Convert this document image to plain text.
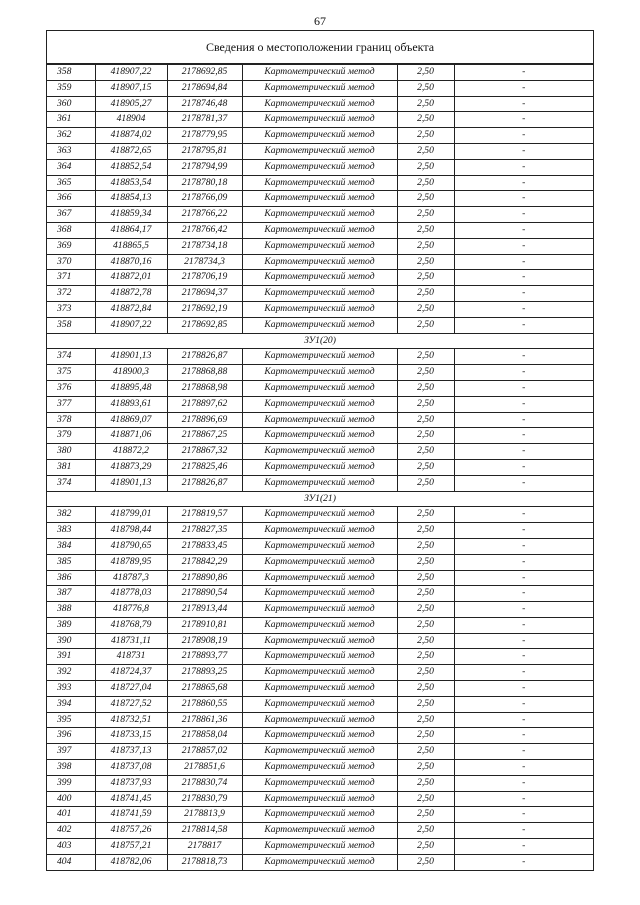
67
Сведения о местоположении границ объекта
358	418907,22	2178692,85	Картометрический метод	2,50	-
359	418907,15	2178694,84	Картометрический метод	2,50	-
360	418905,27	2178746,48	Картометрический метод	2,50	-
361	418904	2178781,37	Картометрический метод	2,50	-
362	418874,02	2178779,95	Картометрический метод	2,50	-
363	418872,65	2178795,81	Картометрический метод	2,50	-
364	418852,54	2178794,99	Картометрический метод	2,50	-
365	418853,54	2178780,18	Картометрический метод	2,50	-
366	418854,13	2178766,09	Картометрический метод	2,50	-
367	418859,34	2178766,22	Картометрический метод	2,50	-
368	418864,17	2178766,42	Картометрический метод	2,50	-
369	418865,5	2178734,18	Картометрический метод	2,50	-
370	418870,16	2178734,3	Картометрический метод	2,50	-
371	418872,01	2178706,19	Картометрический метод	2,50	-
372	418872,78	2178694,37	Картометрический метод	2,50	-
373	418872,84	2178692,19	Картометрический метод	2,50	-
358	418907,22	2178692,85	Картометрический метод	2,50	-
ЗУ1(20)					
374	418901,13	2178826,87	Картометрический метод	2,50	-
375	418900,3	2178868,88	Картометрический метод	2,50	-
376	418895,48	2178868,98	Картометрический метод	2,50	-
377	418893,61	2178897,62	Картометрический метод	2,50	-
378	418869,07	2178896,69	Картометрический метод	2,50	-
379	418871,06	2178867,25	Картометрический метод	2,50	-
380	418872,2	2178867,32	Картометрический метод	2,50	-
381	418873,29	2178825,46	Картометрический метод	2,50	-
374	418901,13	2178826,87	Картометрический метод	2,50	-
ЗУ1(21)					
382	418799,01	2178819,57	Картометрический метод	2,50	-
383	418798,44	2178827,35	Картометрический метод	2,50	-
384	418790,65	2178833,45	Картометрический метод	2,50	-
385	418789,95	2178842,29	Картометрический метод	2,50	-
386	418787,3	2178890,86	Картометрический метод	2,50	-
387	418778,03	2178890,54	Картометрический метод	2,50	-
388	418776,8	2178913,44	Картометрический метод	2,50	-
389	418768,79	2178910,81	Картометрический метод	2,50	-
390	418731,11	2178908,19	Картометрический метод	2,50	-
391	418731	2178893,77	Картометрический метод	2,50	-
392	418724,37	2178893,25	Картометрический метод	2,50	-
393	418727,04	2178865,68	Картометрический метод	2,50	-
394	418727,52	2178860,55	Картометрический метод	2,50	-
395	418732,51	2178861,36	Картометрический метод	2,50	-
396	418733,15	2178858,04	Картометрический метод	2,50	-
397	418737,13	2178857,02	Картометрический метод	2,50	-
398	418737,08	2178851,6	Картометрический метод	2,50	-
399	418737,93	2178830,74	Картометрический метод	2,50	-
400	418741,45	2178830,79	Картометрический метод	2,50	-
401	418741,59	2178813,9	Картометрический метод	2,50	-
402	418757,26	2178814,58	Картометрический метод	2,50	-
403	418757,21	2178817	Картометрический метод	2,50	-
404	418782,06	2178818,73	Картометрический метод	2,50	-
